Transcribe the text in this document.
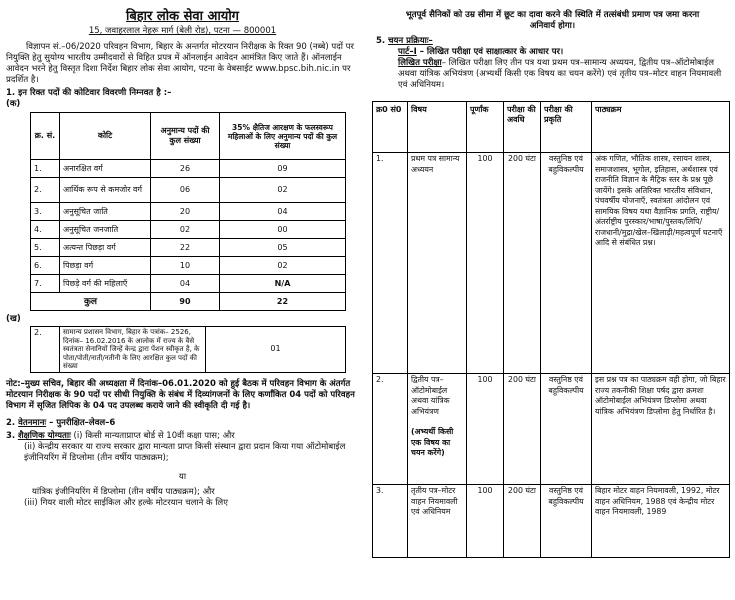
बिहार लोक सेवा आयोग
15, जवाहरलाल नेहरू मार्ग (बेली रोड), पटना — 800001
विज्ञापन सं.–06/2020 परिवहन विभाग, बिहार के अन्तर्गत मोटरयान निरीक्षक के रिक्त 90 (नब्बे) पदों पर नियुक्ति हेतु सुयोग्य भारतीय उम्मीदवारों से विहित प्रपत्र में ऑनलाईन आवेदन आमंत्रित किए जाते हैं। ऑनलाईन आवेदन भरने हेतु विस्तृत दिशा निर्देश बिहार लोक सेवा आयोग, पटना के वेबसाईट www.bpsc.bih.nic.in पर प्रदर्शित है।
1. इन रिक्त पदों की कोटिवार विवरणी निम्नवत है :–
(क)
क्र. सं.	कोटि	अनुमान्य पदों की कुल संख्या	35% क्षैतिज आरक्षण के फलस्वरूप महिलाओं के लिए अनुमान्य पदों की कुल संख्या
1.	अनारक्षित वर्ग	26	09
2.	आर्थिक रूप से कमजोर वर्ग	06	02
3.	अनुसूचित जाति	20	04
4.	अनुसूचित जनजाति	02	00
5.	अत्यन्त पिछड़ा वर्ग	22	05
6.	पिछड़ा वर्ग	10	02
7.	पिछड़े वर्ग की महिलाएँ	04	N/A
कुल		90	22
(ख)
2.	सामान्य प्रशासन विभाग, बिहार के पत्रांक– 2526, दिनांक– 16.02.2016 के आलोक में राज्य के वैसे स्वतंत्रता सेनानियों जिन्हें केन्द्र द्वारा पेंशन स्वीकृत है, के पोता/पोती/नाती/नतीनी के लिए आरक्षित कुल पदों की संख्या	01
नोट:–मुख्य सचिव, बिहार की अध्यक्षता में दिनांक–06.01.2020 को हुई बैठक में परिवहन विभाग के अंतर्गत मोटरयान निरीक्षक के 90 पदों पर सीधी नियुक्ति के संबंध में दिव्यांगजनों के लिए कर्णांकित 04 पदों को परिवहन विभाग में सृजित लिपिक के 04 पद उपलब्ध कराये जाने की स्वीकृति दी गई है।
2. वेतनमानः – पुनरीक्षित–लेवल–6
3. शैक्षणिक योग्यताः (i) किसी मान्यताप्राप्त बोर्ड से 10वीं कक्षा पास; और
(ii) केन्द्रीय सरकार या राज्य सरकार द्वारा मान्यता प्राप्त किसी संस्थान द्वारा प्रदान किया गया ऑटोमोबाईल इंजीनियरिंग में डिप्लोमा (तीन वर्षीय पाठ्यक्रम);
या
यांत्रिक इंजीनियरिंग में डिप्लोमा (तीन वर्षीय पाठ्यक्रम); और
(iii) गियर वाली मोटर साईकिल और हल्के मोटरयान चलाने के लिए
भूतपूर्व सैनिकों को उम्र सीमा में छूट का दावा करने की स्थिति में तत्संबंधी प्रमाण पत्र जमा करना अनिवार्य होगा।
5. चयन प्रक्रियाः–
पार्ट–I – लिखित परीक्षा एवं साक्षात्कार के आधार पर।
लिखित परीक्षा– लिखित परीक्षा लिए तीन पत्र यथा प्रथम पत्र–सामान्य अध्ययन, द्वितीय पत्र–ऑटोमोबाईल अथवा यांत्रिक अभियंत्रण (अभ्यर्थी किसी एक विषय का चयन करेंगे) एवं तृतीय पत्र–मोटर वाहन नियमावली एवं अधिनियम।
क्र0 सं0	विषय	पूर्णांक	परीक्षा की अवधि	परीक्षा की प्रकृति	पाठ्यक्रम
1.	प्रथम पत्र सामान्य अध्ययन	100	200 घंटा	वस्तुनिष्ठ एवं बहुविकल्पीय	अंक गणित, भौतिक शास्त्र, रसायन शास्त्र, समाजशास्त्र, भूगोल, इतिहास, अर्थशास्त्र एवं राजनीति विज्ञान के मैट्रिक स्तर के प्रश्न पूछे जायेंगे। इसके अतिरिक्त भारतीय संविधान, पंचवर्षीय योजनाएँ, स्वतंत्रता आंदोलन एवं सामयिक विषय यथा वैज्ञानिक प्रगति, राष्ट्रीय/अंतर्राष्ट्रीय पुरस्कार/भाषा/पुस्तक/लिपि/राजधानी/मुद्रा/खेल–खिलाड़ी/महत्वपूर्ण घटनाएँ आदि से संबंधित प्रश्न।
2.	द्वितीय पत्र–ऑटोमोबाईल अथवा यांत्रिक अभियंत्रण
(अभ्यर्थी किसी एक विषय का चयन करेंगे)	100	200 घंटा	वस्तुनिष्ठ एवं बहुविकल्पीय	इस प्रश्न पत्र का पाठ्यक्रम वही होगा, जो बिहार राज्य तकनीकी शिक्षा पर्षद द्वारा क्रमशः ऑटोमोबाईल अभियंत्रण डिप्लोमा अथवा यांत्रिक अभियंत्रण डिप्लोमा हेतु निर्धारित है।
3.	तृतीय पत्र–मोटर वाहन नियमावली एवं अधिनियम	100	200 घंटा	वस्तुनिष्ठ एवं बहुविकल्पीय	बिहार मोटर वाहन नियमावली, 1992, मोटर वाहन अधिनियम, 1988 एवं केन्द्रीय मोटर वाहन नियमावली, 1989
